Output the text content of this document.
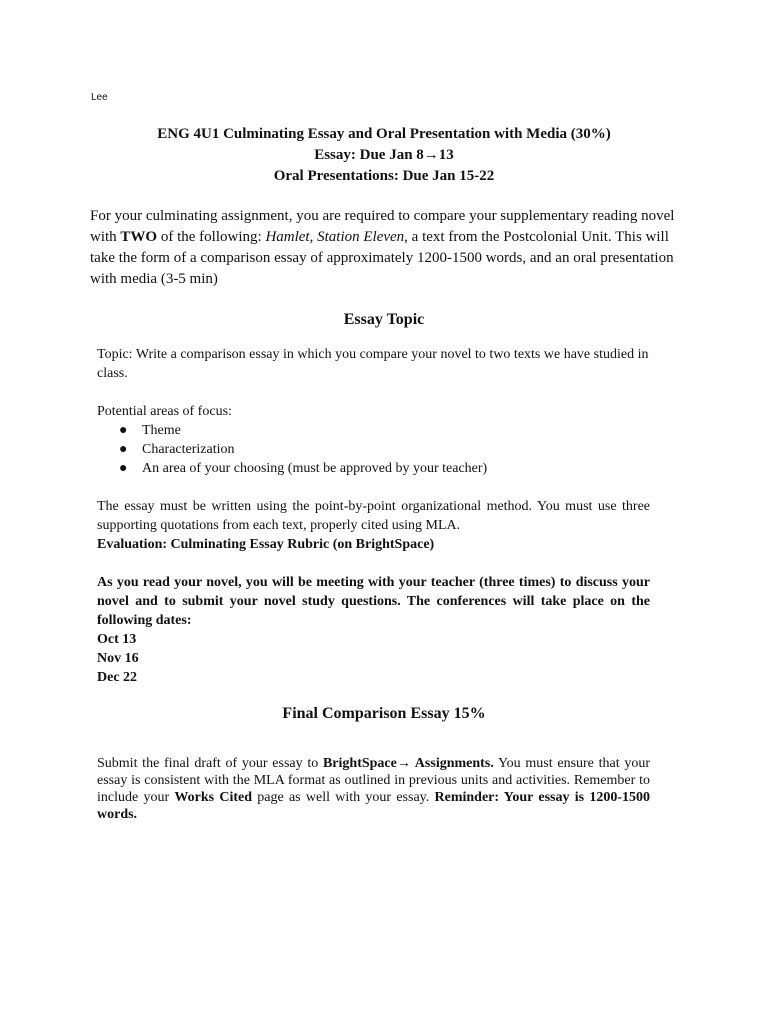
Lee
ENG 4U1 Culminating Essay and Oral Presentation with Media (30%)
Essay: Due Jan 8→13
Oral Presentations: Due Jan 15-22
For your culminating assignment, you are required to compare your supplementary reading novel with TWO of the following: Hamlet, Station Eleven, a text from the Postcolonial Unit. This will take the form of a comparison essay of approximately 1200-1500 words, and an oral presentation with media (3-5 min)
Essay Topic

Topic: Write a comparison essay in which you compare your novel to two texts we have studied in class.

Potential areas of focus:

● Theme
● Characterization
● An area of your choosing (must be approved by your teacher)

The essay must be written using the point-by-point organizational method. You must use three supporting quotations from each text, properly cited using MLA.

Evaluation: Culminating Essay Rubric (on BrightSpace)

As you read your novel, you will be meeting with your teacher (three times) to discuss your novel and to submit your novel study questions. The conferences will take place on the following dates:

Oct 13

Nov 16

Dec 22

Final Comparison Essay 15%
Submit the final draft of your essay to BrightSpace→ Assignments. You must ensure that your essay is consistent with the MLA format as outlined in previous units and activities. Remember to include your Works Cited page as well with your essay. Reminder: Your essay is 1200-1500 words.
